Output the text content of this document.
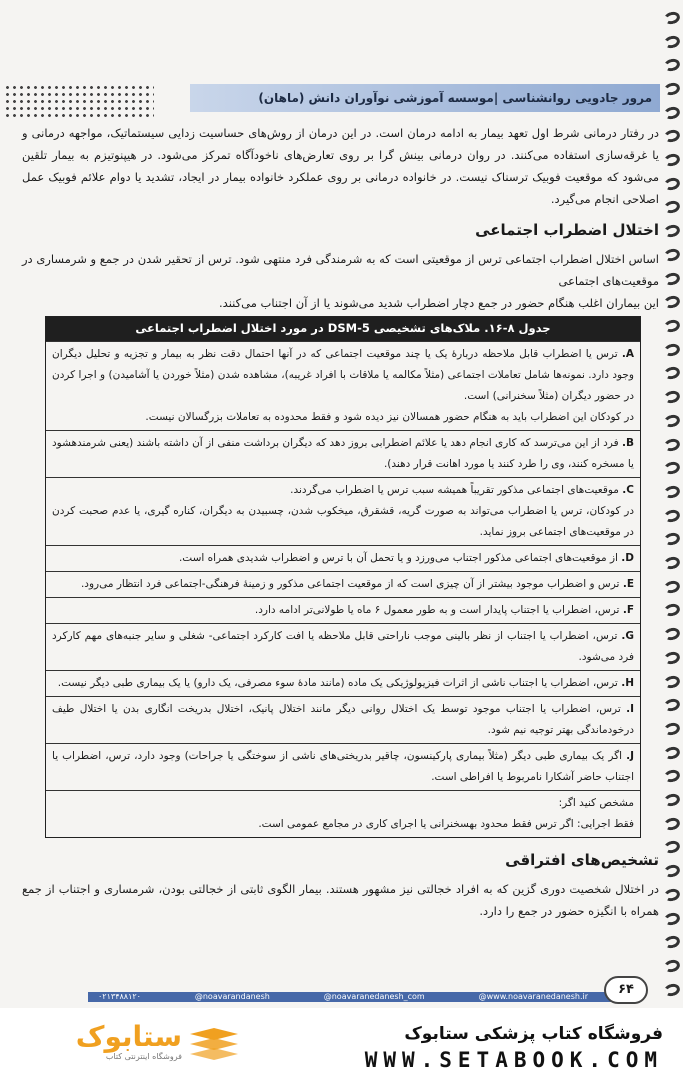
مرور جادویی روانشناسی |موسسه آموزشی نوآوران دانش (ماهان)

در رفتار درمانی شرط اول تعهد بیمار به ادامه درمان است. در این درمان از روش‌های حساسیت زدایی سیستماتیک، مواجهه درمانی و یا غرقه‌سازی استفاده می‌کنند. در روان درمانی بینش گرا بر روی تعارض‌های ناخودآگاه تمرکز می‌شود. در هیپنوتیزم به بیمار تلقین می‌شود که موقعیت فوبیک ترسناک نیست. در خانواده درمانی بر روی عملکرد خانواده بیمار در ایجاد، تشدید یا دوام علائم فوبیک عمل اصلاحی انجام می‌گیرد.

اختلال اضطراب اجتماعی

اساس اختلال اضطراب اجتماعی ترس از موقعیتی است که به شرمندگی فرد منتهی شود. ترس از تحقیر شدن در جمع و شرمساری در موقعیت‌های اجتماعی

این بیماران اغلب هنگام حضور در جمع دچار اضطراب شدید می‌شوند یا از آن اجتناب می‌کنند.

جدول ۸-۱۶. ملاک‌های تشخیصی DSM-5 در مورد اختلال اضطراب اجتماعی
A. ترس یا اضطراب قابل ملاحظه دربارهٔ یک یا چند موقعیت اجتماعی که در آنها احتمال دقت نظر به بیمار و تجزیه و تحلیل دیگران وجود دارد. نمونه‌ها شامل تعاملات اجتماعی (مثلاً مکالمه یا ملاقات با افراد غریبه)، مشاهده شدن (مثلاً خوردن یا آشامیدن) و اجرا کردن در حضور دیگران (مثلاً سخنرانی) است.
در کودکان این اضطراب باید به هنگام حضور همسالان نیز دیده شود و فقط محدوده به تعاملات بزرگسالان نیست.
B. فرد از این می‌ترسد که کاری انجام دهد یا علائم اضطرابی بروز دهد که دیگران برداشت منفی از آن داشته باشند (یعنی شرمندهشود یا مسخره کنند، وی را طرد کنند یا مورد اهانت قرار دهند).
C. موقعیت‌های اجتماعی مذکور تقریباً همیشه سبب ترس یا اضطراب می‌گردند.
در کودکان، ترس یا اضطراب می‌تواند به صورت گریه، قشقرق، میخکوب شدن، چسبیدن به دیگران، کناره گیری، یا عدم صحبت کردن در موقعیت‌های اجتماعی بروز نماید.
D. از موقعیت‌های اجتماعی مذکور اجتناب می‌ورزد و یا تحمل آن با ترس و اضطراب شدیدی همراه است.
E. ترس و اضطراب موجود بیشتر از آن چیزی است که از موقعیت اجتماعی مذکور و زمینهٔ فرهنگی-اجتماعی فرد انتظار می‌رود.
F. ترس، اضطراب یا اجتناب پایدار است و به طور معمول ۶ ماه یا طولانی‌تر ادامه دارد.
G. ترس، اضطراب یا اجتناب از نظر بالینی موجب ناراحتی قابل ملاحظه یا افت کارکرد اجتماعی- شغلی و سایر جنبه‌های مهم کارکرد فرد می‌شود.
H. ترس، اضطراب یا اجتناب ناشی از اثرات فیزیولوژیکی یک ماده (مانند مادهٔ سوء مصرفی، یک دارو) یا یک بیماری طبی دیگر نیست.
I. ترس، اضطراب یا اجتناب موجود توسط یک اختلال روانی دیگر مانند اختلال پانیک، اختلال بدریخت انگاری بدن یا اختلال طیف درخودماندگی بهتر توجیه نیم شود.
J. اگر یک بیماری طبی دیگر (مثلاً بیماری پارکینسون، چاقیر بدریختی‌های ناشی از سوختگی یا جراحات) وجود دارد، ترس، اضطراب یا اجتناب حاضر آشکارا نامربوط یا افراطی است.
مشخص کنید اگر:
فقط اجرایی: اگر ترس فقط محدود بهسخنرانی یا اجرای کاری در مجامع عمومی است.
تشخیص‌های افتراقی

در اختلال شخصیت دوری گزین که به افراد خجالتی نیز مشهور هستند. بیمار الگوی ثابتی از خجالتی بودن، شرمساری و اجتناب از جمع همراه با انگیزه حضور در جمع را دارد.

۰۲۱۳۴۸۸۱۲۰	@noavarandanesh	@noavaranedanesh_com	@www.noavaranedanesh.ir	۶۴
ستابوک
فروشگاه اینترنتی کتاب
فروشگاه کتاب پزشکی ستابوک
WWW.SETABOOK.COM
